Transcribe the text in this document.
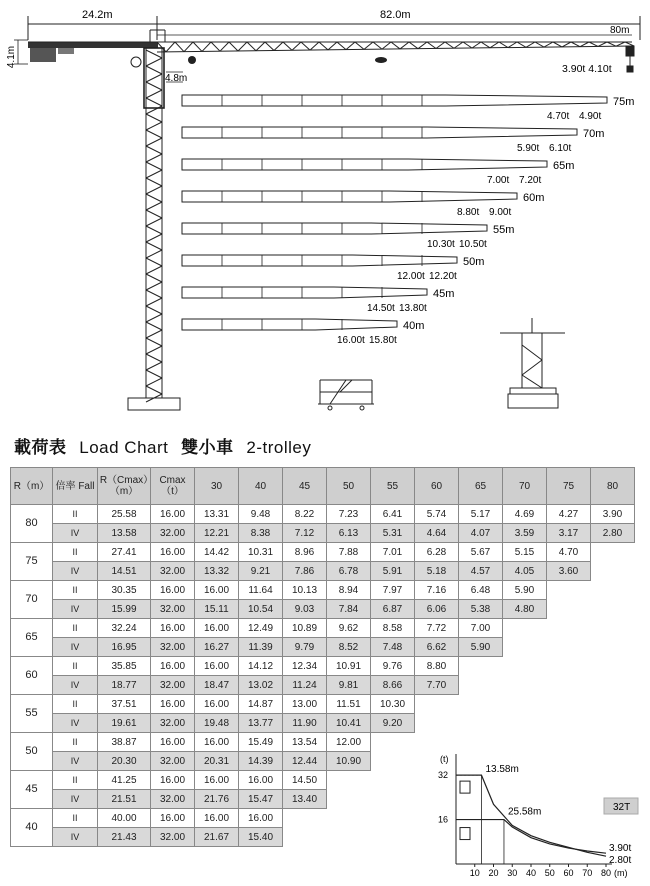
24.2m	82.0m
80m
4.1m
3.90t 4.10t
4.8m
75m
4.70t 4.90t
70m
5.90t 6.10t
65m
7.00t 7.20t
60m
8.80t 9.00t
55m
10.30t 10.50t
50m
12.00t 12.20t
45m
14.50t 13.80t
40m
16.00t 15.80t
載荷表 Load Chart 雙小車 2-trolley
R（m）	倍率 Fall	R（Cmax）（m）	Cmax（t）	30	40	45	50	55	60	65	70	75	80
80	II	25.58	16.00	13.31	9.48	8.22	7.23	6.41	5.74	5.17	4.69	4.27	3.90
	IV	13.58	32.00	12.21	8.38	7.12	6.13	5.31	4.64	4.07	3.59	3.17	2.80
75	II	27.41	16.00	14.42	10.31	8.96	7.88	7.01	6.28	5.67	5.15	4.70	
	IV	14.51	32.00	13.32	9.21	7.86	6.78	5.91	5.18	4.57	4.05	3.60	
70	II	30.35	16.00	16.00	11.64	10.13	8.94	7.97	7.16	6.48	5.90		
	IV	15.99	32.00	15.11	10.54	9.03	7.84	6.87	6.06	5.38	4.80		
65	II	32.24	16.00	16.00	12.49	10.89	9.62	8.58	7.72	7.00			
	IV	16.95	32.00	16.27	11.39	9.79	8.52	7.48	6.62	5.90			
60	II	35.85	16.00	16.00	14.12	12.34	10.91	9.76	8.80				
	IV	18.77	32.00	18.47	13.02	11.24	9.81	8.66	7.70				
55	II	37.51	16.00	16.00	14.87	13.00	11.51	10.30					
	IV	19.61	32.00	19.48	13.77	11.90	10.41	9.20					
50	II	38.87	16.00	16.00	15.49	13.54	12.00						
	IV	20.30	32.00	20.31	14.39	12.44	10.90						
45	II	41.25	16.00	16.00	16.00	14.50							
	IV	21.51	32.00	21.76	15.47	13.40							
40	II	40.00	16.00	16.00	16.00								
	IV	21.43	32.00	21.67	15.40								
(t)
10 20 30 40 50 60 70 80 (m)
32
16
13.58m
25.58m
3.90t
2.80t
32T
